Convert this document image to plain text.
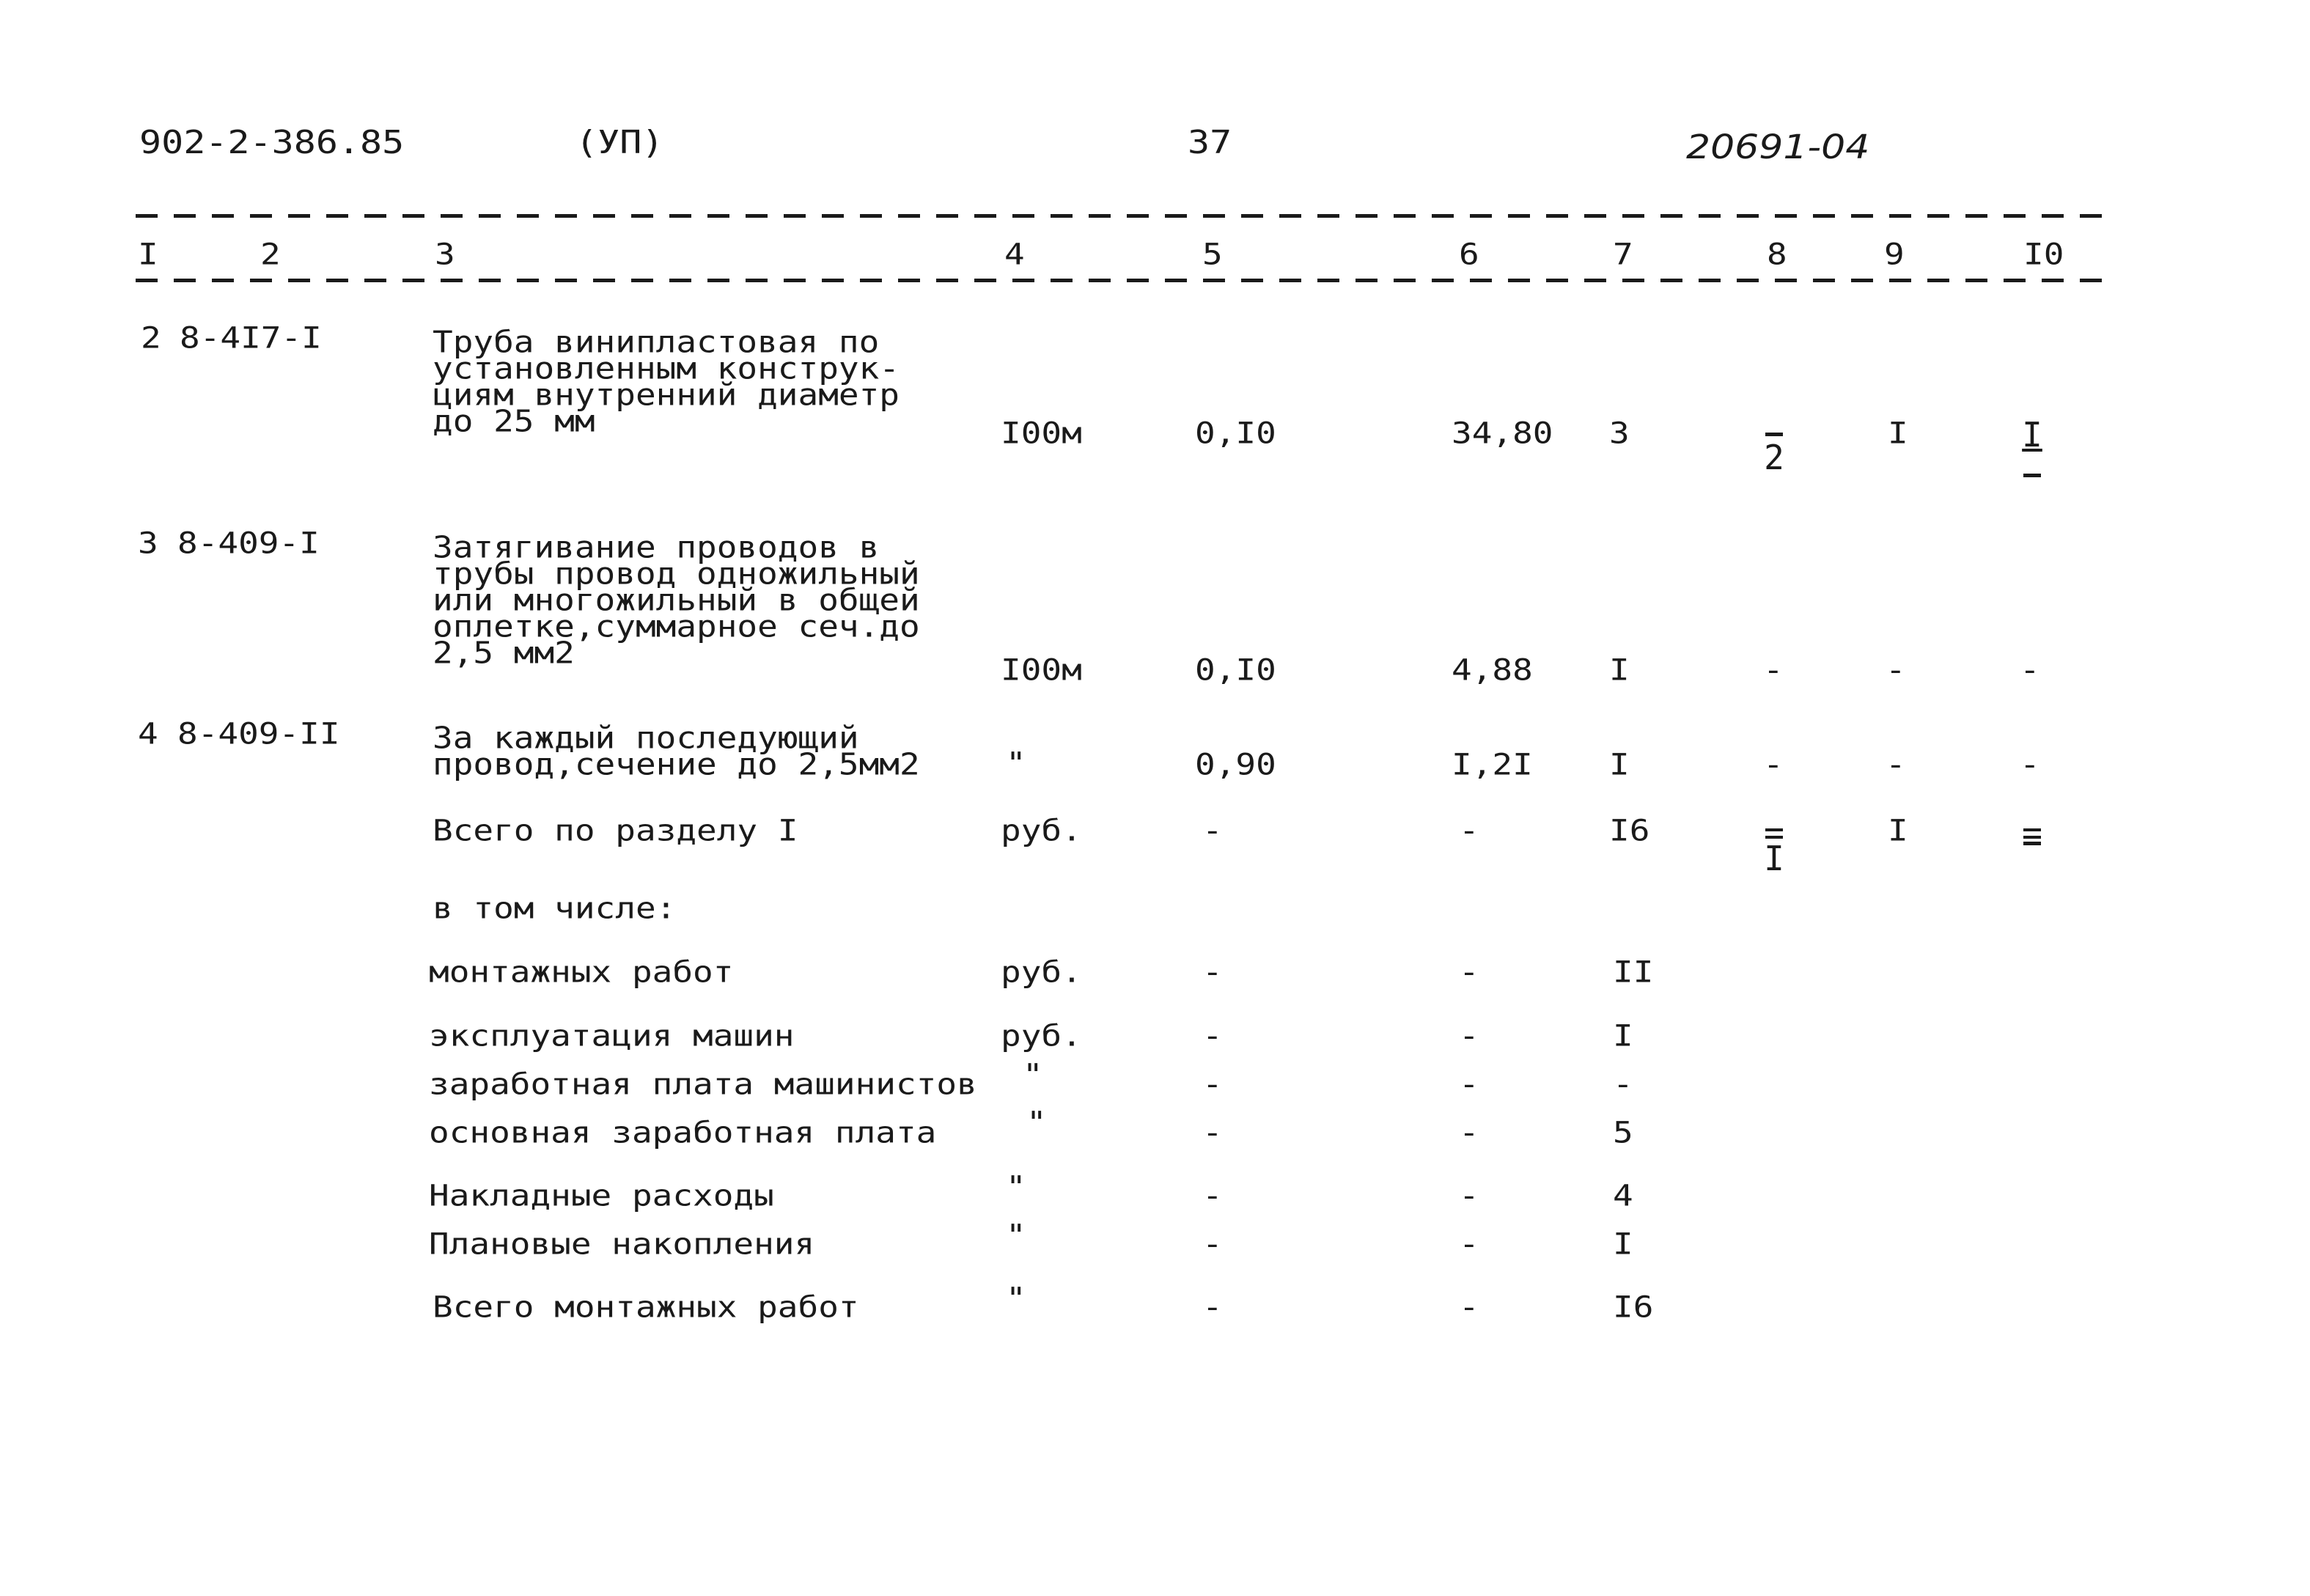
902-2-386.85	(УП)	37	20691-04
I	2	3	4	5	6	7	8	9	I0
2 8-4I7-I	Труба винипластовая по
установленным конструк-
циям внутренний диаметр
до 25 мм	I00м	0,I0	34,80 3
2
I	I
3 8-409-I	Затягивание проводов в
трубы провод одножильный
или многожильный в общей
оплетке,суммарное сеч.до
2,5 мм2	I00м	0,I0	4,88 I	-	-	-
4 8-409-II	За каждый последующий
провод,сечение до 2,5мм2	"	0,90	I,2I I	-	-	-
Всего по разделу I	руб.	-	-	I6
I
I
в том числе:
монтажных работ	руб.	-	-	II
эксплуатация машин	руб.	-	-	I
заработная плата машинистов "	-	-	-
основная заработная плата	"	-	-	5
Накладные расходы	"	-	-	4
Плановые накопления	"	-	-	I
Всего монтажных работ	"	-	-	I6
